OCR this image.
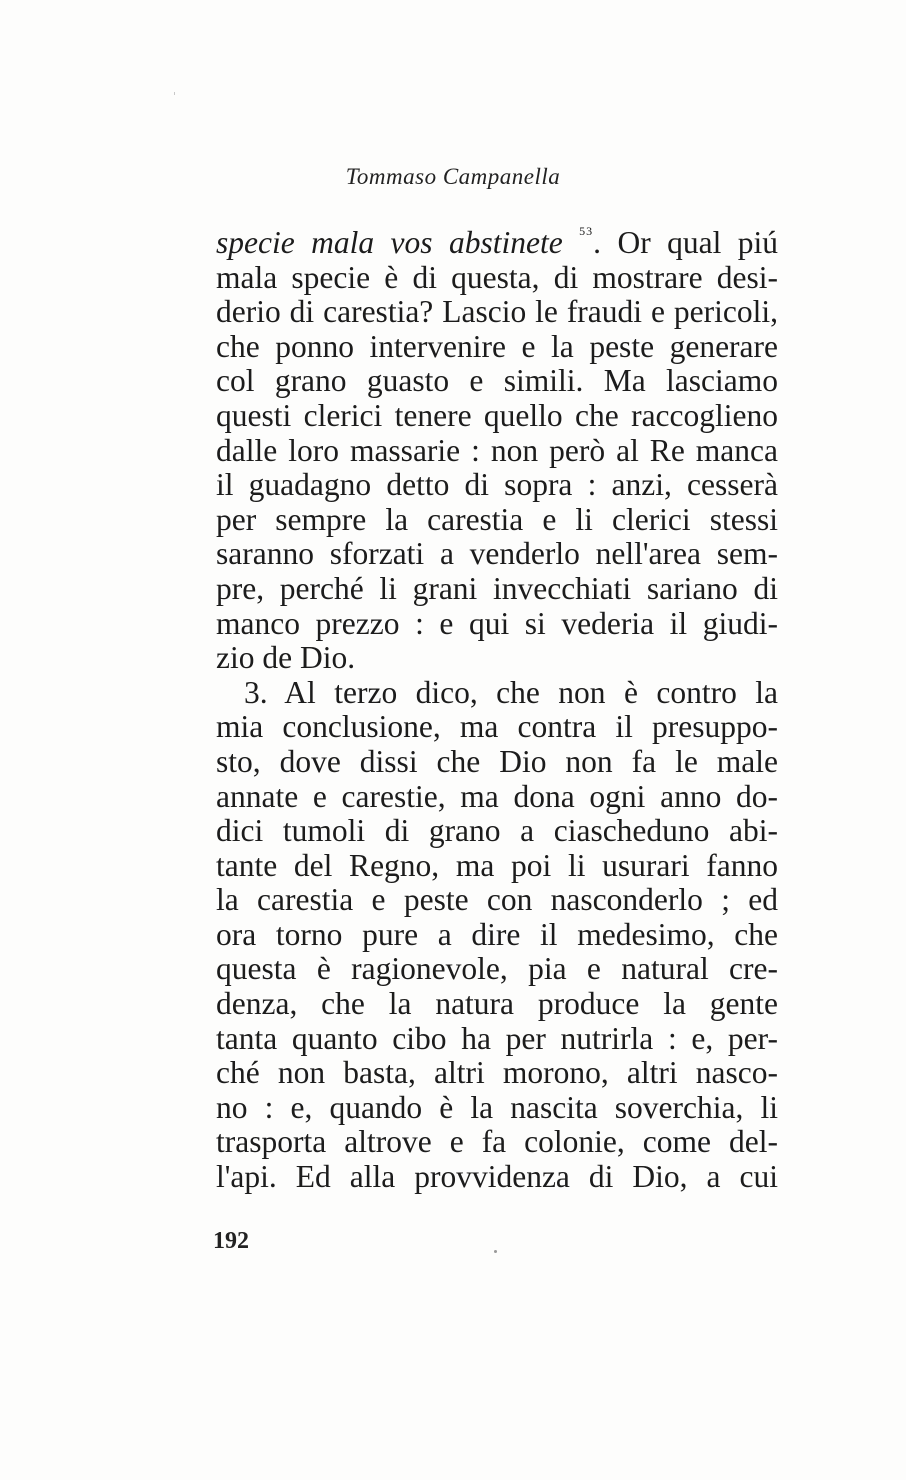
Tommaso Campanella
specie mala vos abstinete $^{53}$. Or qual piú
mala specie è di questa, di mostrare desi-
derio di carestia? Lascio le fraudi e pericoli,
che ponno intervenire e la peste generare
col grano guasto e simili. Ma lasciamo
questi clerici tenere quello che raccoglieno
dalle loro massarie : non però al Re manca
il guadagno detto di sopra : anzi, cesserà
per sempre la carestia e li clerici stessi
saranno sforzati a venderlo nell'area sem-
pre, perché li grani invecchiati sariano di
manco prezzo : e qui si vederia il giudi-
zio de Dio.
3. Al terzo dico, che non è contro la
mia conclusione, ma contra il presuppo-
sto, dove dissi che Dio non fa le male
annate e carestie, ma dona ogni anno do-
dici tumoli di grano a ciascheduno abi-
tante del Regno, ma poi li usurari fanno
la carestia e peste con nasconderlo ; ed
ora torno pure a dire il medesimo, che
questa è ragionevole, pia e natural cre-
denza, che la natura produce la gente
tanta quanto cibo ha per nutrirla : e, per-
ché non basta, altri morono, altri nasco-
no : e, quando è la nascita soverchia, li
trasporta altrove e fa colonie, come del-
l'api. Ed alla provvidenza di Dio, a cui
192
